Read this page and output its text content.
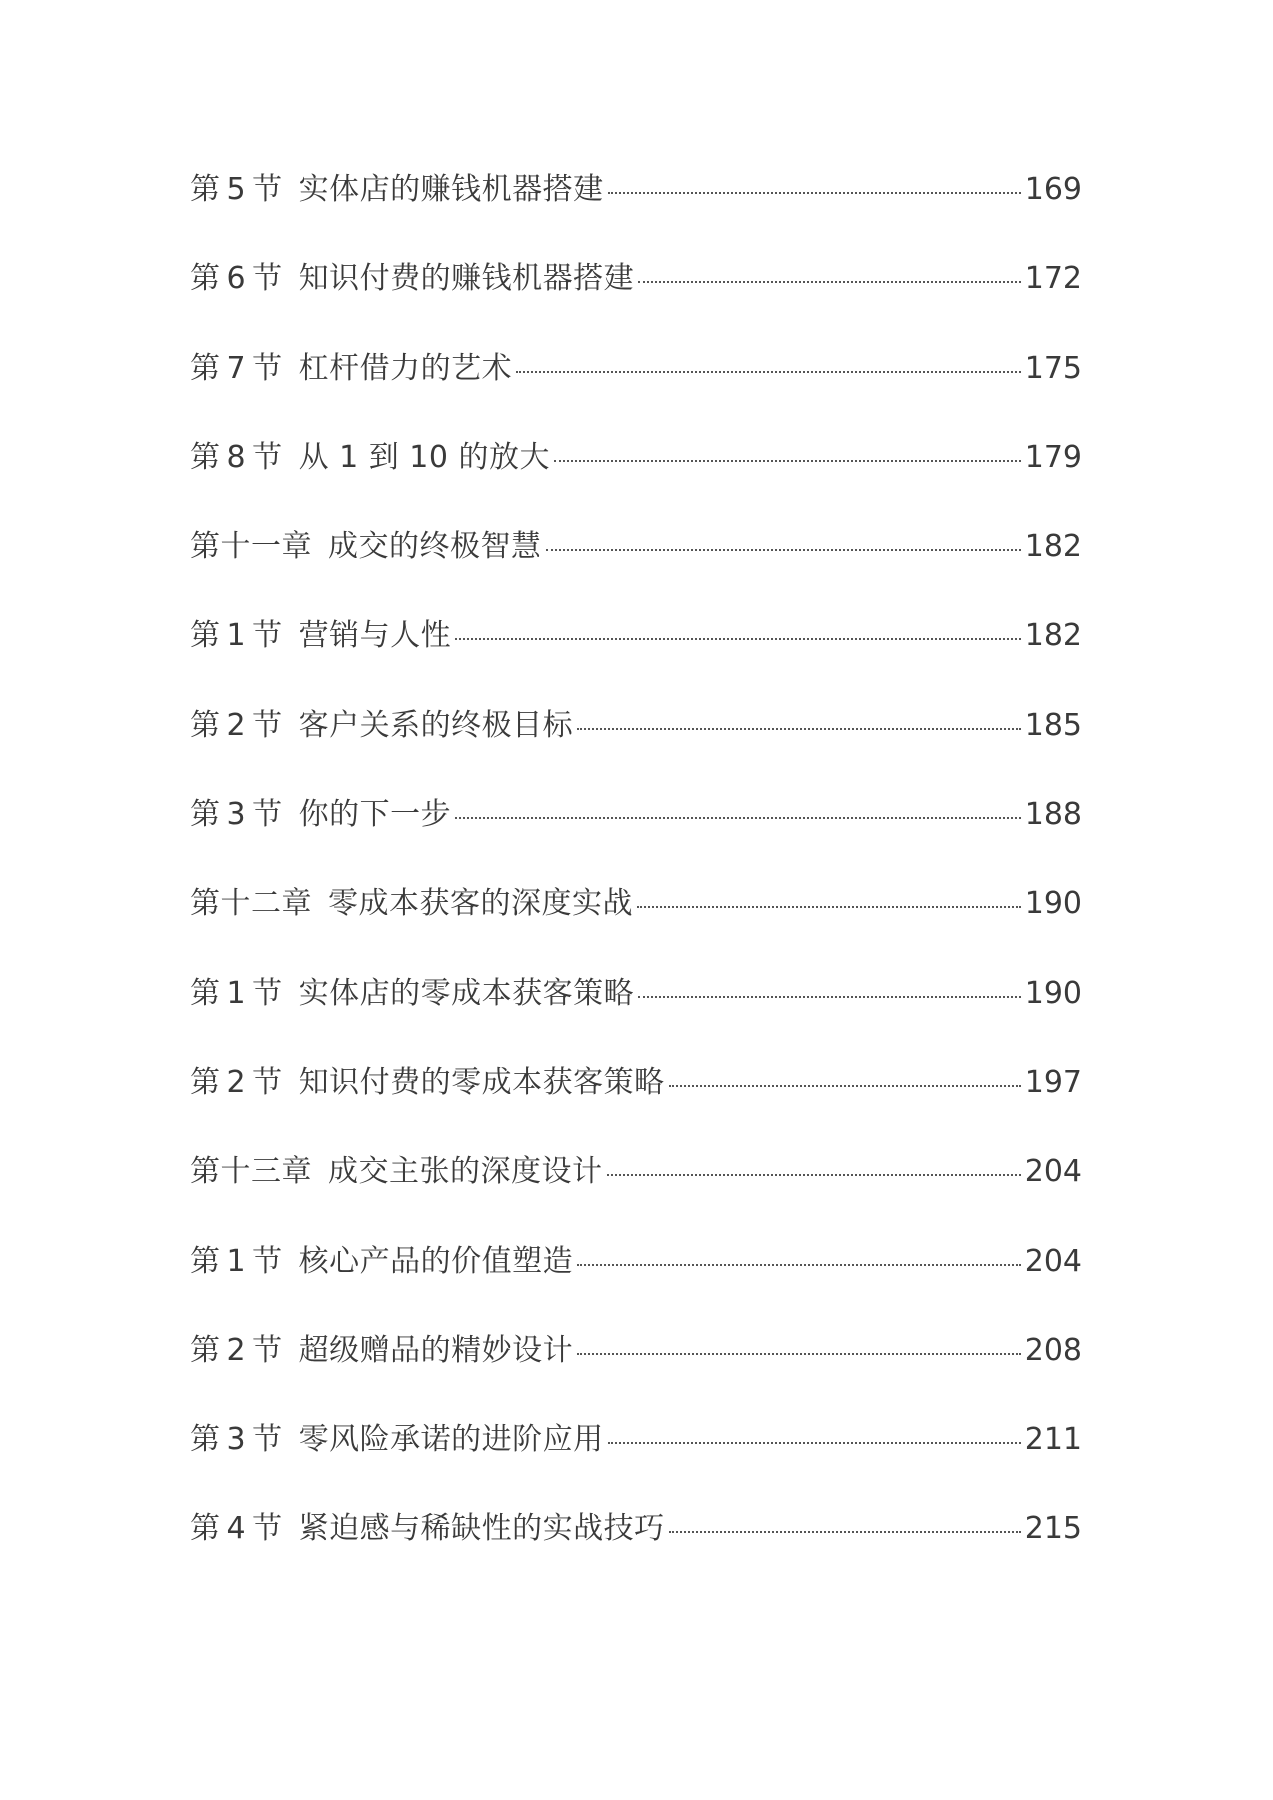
第 5 节 实体店的赚钱机器搭建	169
第 6 节 知识付费的赚钱机器搭建	172
第 7 节 杠杆借力的艺术	175
第 8 节 从 1 到 10 的放大	179
第十一章 成交的终极智慧	182
第 1 节 营销与人性	182
第 2 节 客户关系的终极目标	185
第 3 节 你的下一步	188
第十二章 零成本获客的深度实战	190
第 1 节 实体店的零成本获客策略	190
第 2 节 知识付费的零成本获客策略	197
第十三章 成交主张的深度设计	204
第 1 节 核心产品的价值塑造	204
第 2 节 超级赠品的精妙设计	208
第 3 节 零风险承诺的进阶应用	211
第 4 节 紧迫感与稀缺性的实战技巧	215
